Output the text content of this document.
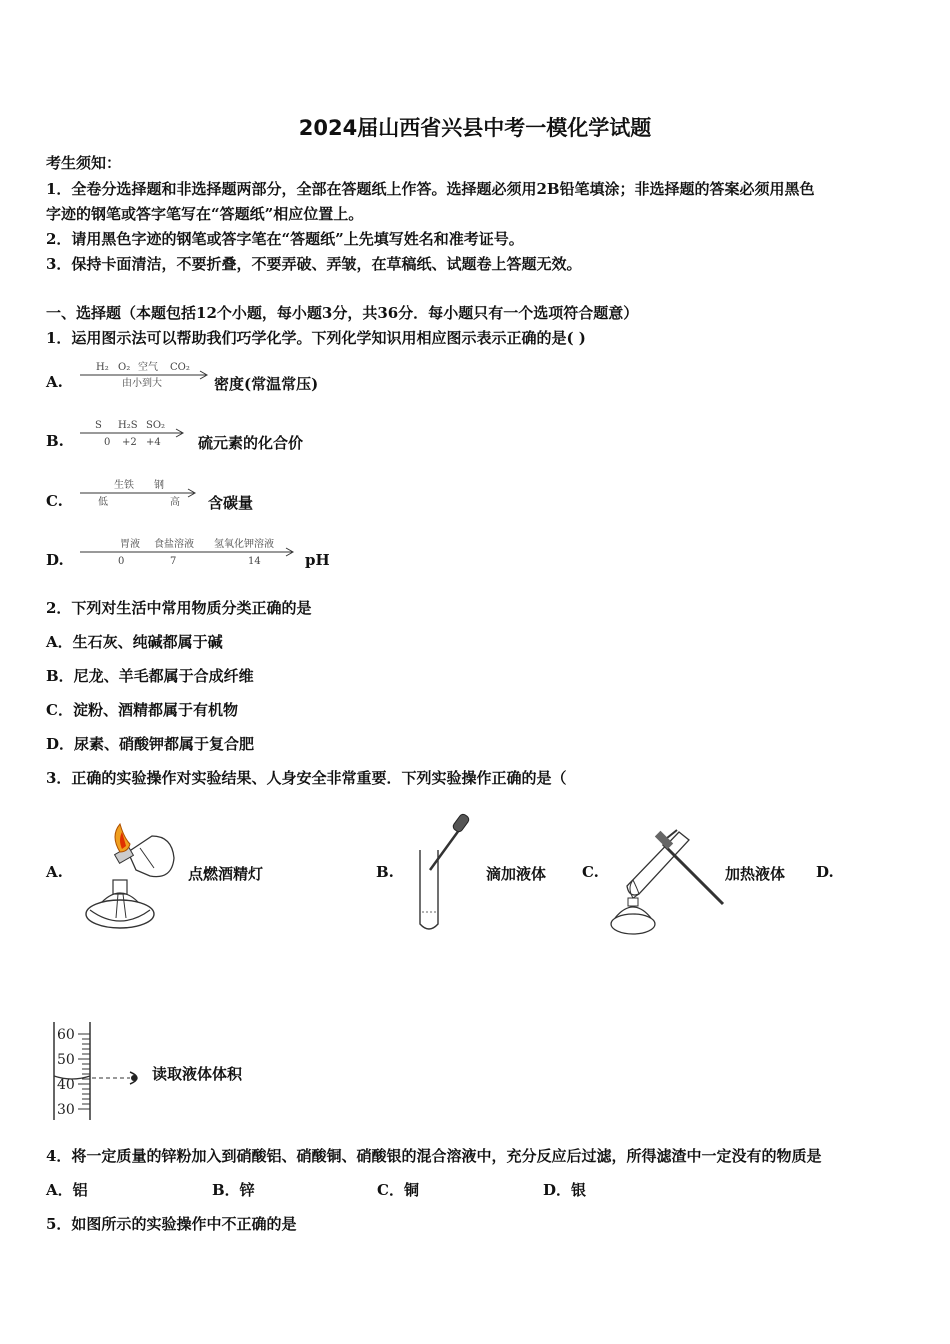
2024届山西省兴县中考一模化学试题
考生须知：
1．全卷分选择题和非选择题两部分，全部在答题纸上作答。选择题必须用2B铅笔填涂；非选择题的答案必须用黑色
字迹的钢笔或答字笔写在“答题纸”相应位置上。
2．请用黑色字迹的钢笔或答字笔在“答题纸”上先填写姓名和准考证号。
3．保持卡面清洁，不要折叠，不要弄破、弄皱，在草稿纸、试题卷上答题无效。
一、选择题（本题包括12个小题，每小题3分，共36分．每小题只有一个选项符合题意）
1．运用图示法可以帮助我们巧学化学。下列化学知识用相应图示表示正确的是( )
A.
H₂ O₂ 空气 CO₂
由小到大	密度(常温常压)
B.
S H₂S SO₂
0 +2 +4 硫元素的化合价
C.
生铁 钢
低	高 含碳量
D.
胃液 食盐溶液 氢氧化钾溶液
0	7	14	pH
2．下列对生活中常用物质分类正确的是
A．生石灰、纯碱都属于碱
B．尼龙、羊毛都属于合成纤维
C．淀粉、酒精都属于有机物
D．尿素、硝酸钾都属于复合肥
3．正确的实验操作对实验结果、人身安全非常重要．下列实验操作正确的是（
A.	点燃酒精灯	B.	滴加液体 C.	加热液体 D.
60
50
40
30
读取液体体积
4．将一定质量的锌粉加入到硝酸铝、硝酸铜、硝酸银的混合溶液中，充分反应后过滤，所得滤渣中一定没有的物质是
A．铝	B．锌	C．铜	D．银
5．如图所示的实验操作中不正确的是
